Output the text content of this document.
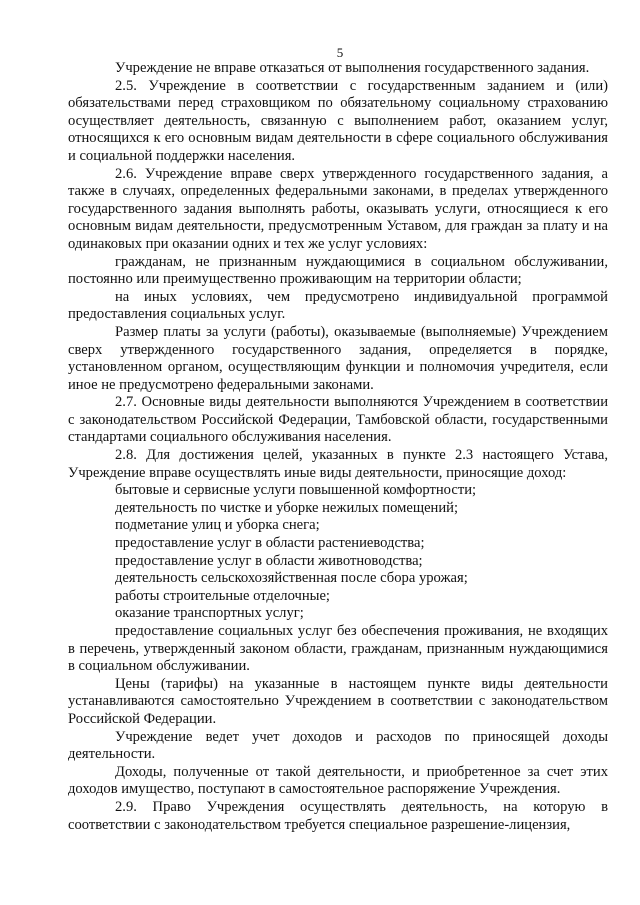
5

Учреждение не вправе отказаться от выполнения государственного задания.

2.5. Учреждение в соответствии с государственным заданием и (или) обязательствами перед страховщиком по обязательному социальному страхованию осуществляет деятельность, связанную с выполнением работ, оказанием услуг, относящихся к его основным видам деятельности в сфере социального обслуживания и социальной поддержки населения.

2.6. Учреждение вправе сверх утвержденного государственного задания, а также в случаях, определенных федеральными законами, в пределах утвержденного государственного задания выполнять работы, оказывать услуги, относящиеся к его основным видам деятельности, предусмотренным Уставом, для граждан за плату и на одинаковых при оказании одних и тех же услуг условиях:

гражданам, не признанным нуждающимися в социальном обслуживании, постоянно или преимущественно проживающим на территории области;

на иных условиях, чем предусмотрено индивидуальной программой предоставления социальных услуг.

Размер платы за услуги (работы), оказываемые (выполняемые) Учреждением сверх утвержденного государственного задания, определяется в порядке, установленном органом, осуществляющим функции и полномочия учредителя, если иное не предусмотрено федеральными законами.

2.7. Основные виды деятельности выполняются Учреждением в соответствии с законодательством Российской Федерации, Тамбовской области, государственными стандартами социального обслуживания населения.

2.8. Для достижения целей, указанных в пункте 2.3 настоящего Устава, Учреждение вправе осуществлять иные виды деятельности, приносящие доход:

бытовые и сервисные услуги повышенной комфортности;

деятельность по чистке и уборке нежилых помещений;

подметание улиц и уборка снега;

предоставление услуг в области растениеводства;

предоставление услуг в области животноводства;

деятельность сельскохозяйственная после сбора урожая;

работы строительные отделочные;

оказание транспортных услуг;

предоставление социальных услуг без обеспечения проживания, не входящих в перечень, утвержденный законом области, гражданам, признанным нуждающимися в социальном обслуживании.

Цены (тарифы) на указанные в настоящем пункте виды деятельности устанавливаются самостоятельно Учреждением в соответствии с законодательством Российской Федерации.

Учреждение ведет учет доходов и расходов по приносящей доходы деятельности.

Доходы, полученные от такой деятельности, и приобретенное за счет этих доходов имущество, поступают в самостоятельное распоряжение Учреждения.

2.9. Право Учреждения осуществлять деятельность, на которую в соответствии с законодательством требуется специальное разрешение-лицензия,
